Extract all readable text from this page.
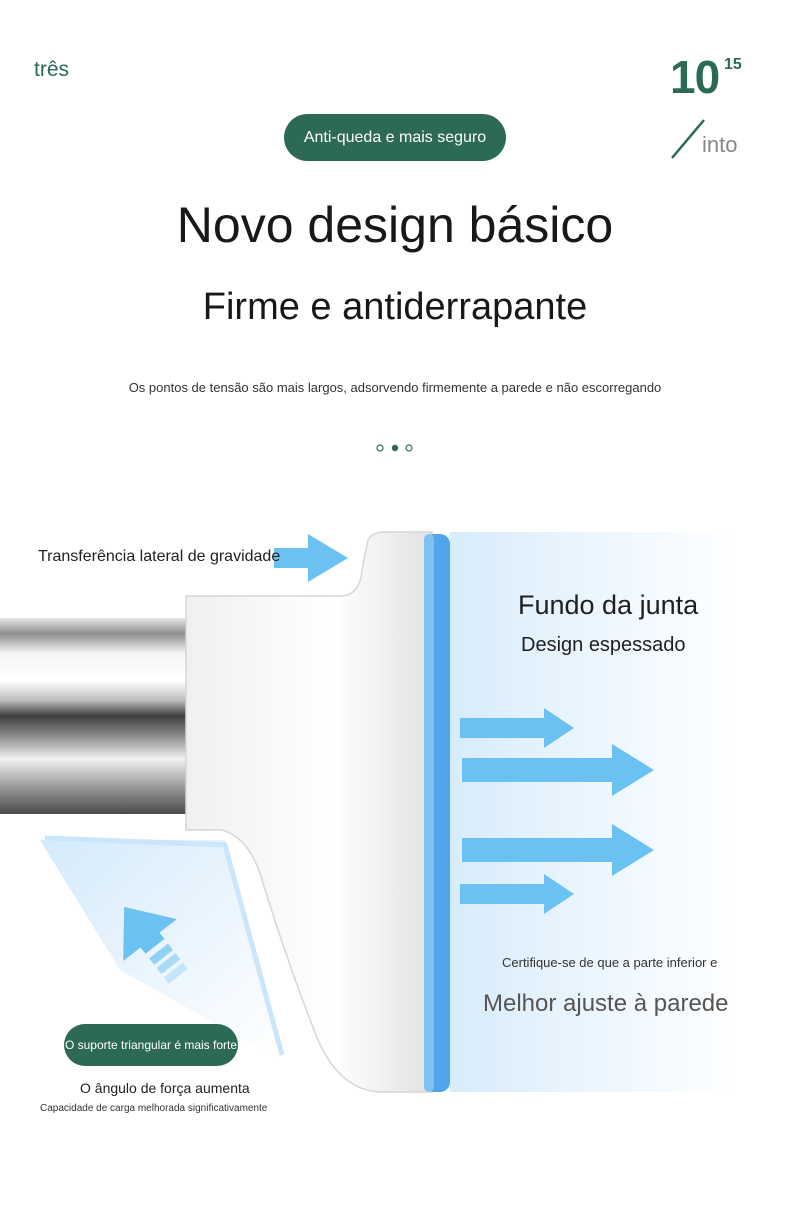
três	10 15
into
Anti-queda e mais seguro
Novo design básico
Firme e antiderrapante
Os pontos de tensão são mais largos, adsorvendo firmemente a parede e não escorregando
Transferência lateral de gravidade
Fundo da junta
Design espessado
Certifique-se de que a parte inferior e
Melhor ajuste à parede
O suporte triangular é mais forte
O ângulo de força aumenta
Capacidade de carga melhorada significativamente
